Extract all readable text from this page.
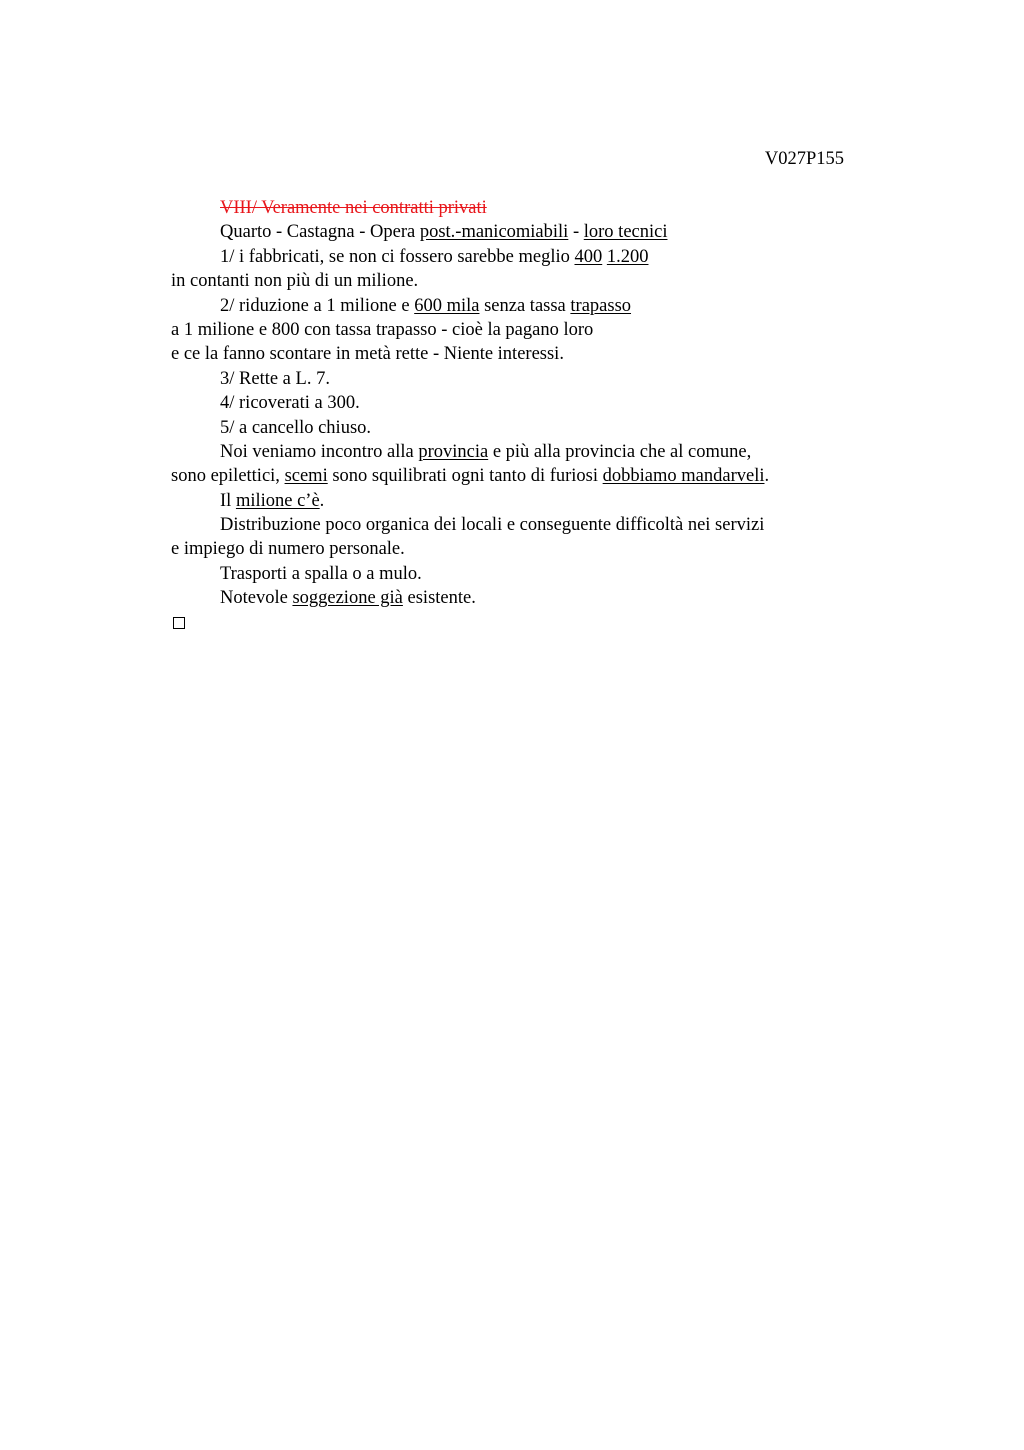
V027P155
VIII/ Veramente nei contratti privati
Quarto - Castagna - Opera post.-manicomiabili - loro tecnici
1/ i fabbricati, se non ci fossero sarebbe meglio 400 1.200
in contanti non più di un milione.
2/ riduzione a 1 milione e 600 mila senza tassa trapasso
a 1 milione e 800 con tassa trapasso - cioè la pagano loro
e ce la fanno scontare in metà rette - Niente interessi.
3/ Rette a L. 7.
4/ ricoverati a 300.
5/ a cancello chiuso.
Noi veniamo incontro alla provincia e più alla provincia che al comune,
sono epilettici, scemi sono squilibrati ogni tanto di furiosi dobbiamo mandarveli.
Il milione c’è.
Distribuzione poco organica dei locali e conseguente difficoltà nei servizi
e impiego di numero personale.
Trasporti a spalla o a mulo.
Notevole soggezione già esistente.
